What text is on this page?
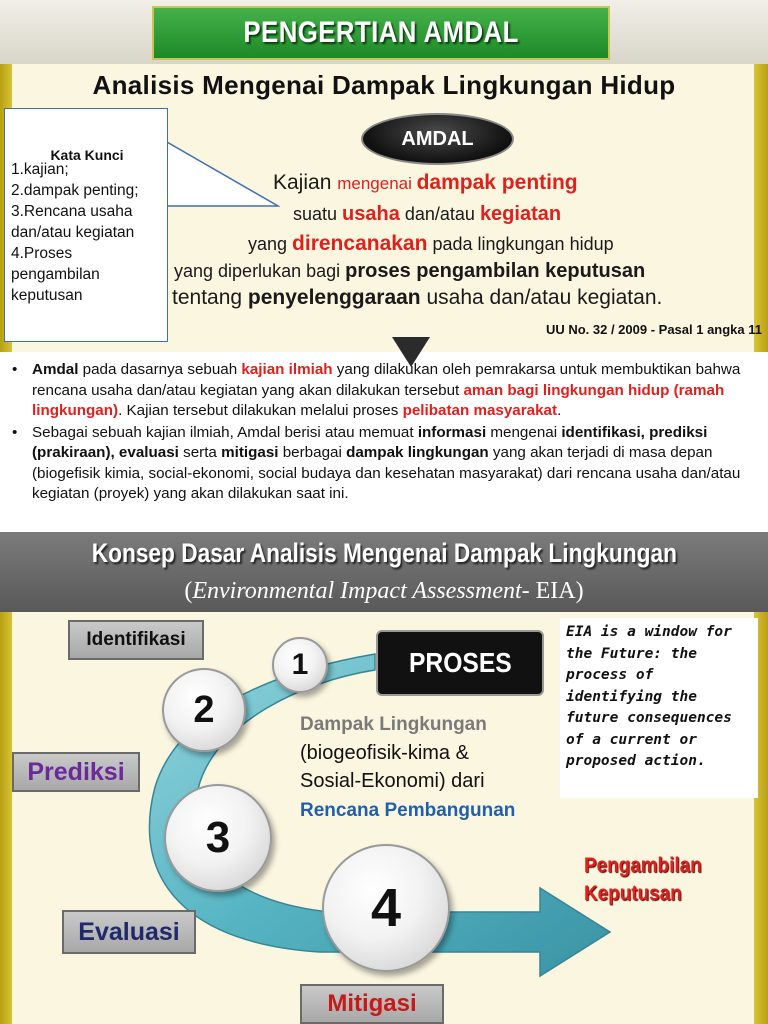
PENGERTIAN AMDAL
Analisis Mengenai Dampak Lingkungan Hidup
Kata Kunci
1.kajian;
2.dampak penting;
3.Rencana usaha dan/atau kegiatan
4.Proses pengambilan keputusan
AMDAL
Kajian mengenai dampak penting
suatu usaha dan/atau kegiatan
yang direncanakan pada lingkungan hidup
yang diperlukan bagi proses pengambilan keputusan
tentang penyelenggaraan usaha dan/atau kegiatan.
UU No. 32 / 2009 - Pasal 1 angka 11
• Amdal pada dasarnya sebuah kajian ilmiah yang dilakukan oleh pemrakarsa untuk membuktikan bahwa rencana usaha dan/atau kegiatan yang akan dilakukan tersebut aman bagi lingkungan hidup (ramah lingkungan). Kajian tersebut dilakukan melalui proses pelibatan masyarakat.
• Sebagai sebuah kajian ilmiah, Amdal berisi atau memuat informasi mengenai identifikasi, prediksi (prakiraan), evaluasi serta mitigasi berbagai dampak lingkungan yang akan terjadi di masa depan (biogefisik kimia, social-ekonomi, social budaya dan kesehatan masyarakat) dari rencana usaha dan/atau kegiatan (proyek) yang akan dilakukan saat ini.
Konsep Dasar Analisis Mengenai Dampak Lingkungan
(Environmental Impact Assessment- EIA)
Identifikasi
Prediksi
Evaluasi
Mitigasi
1
2
3
4
PROSES
EIA is a window for the Future: the process of identifying the future consequences of a current or proposed action.
Dampak Lingkungan
(biogeofisik-kima &
Sosial-Ekonomi) dari
Rencana Pembangunan
Pengambilan
Keputusan
